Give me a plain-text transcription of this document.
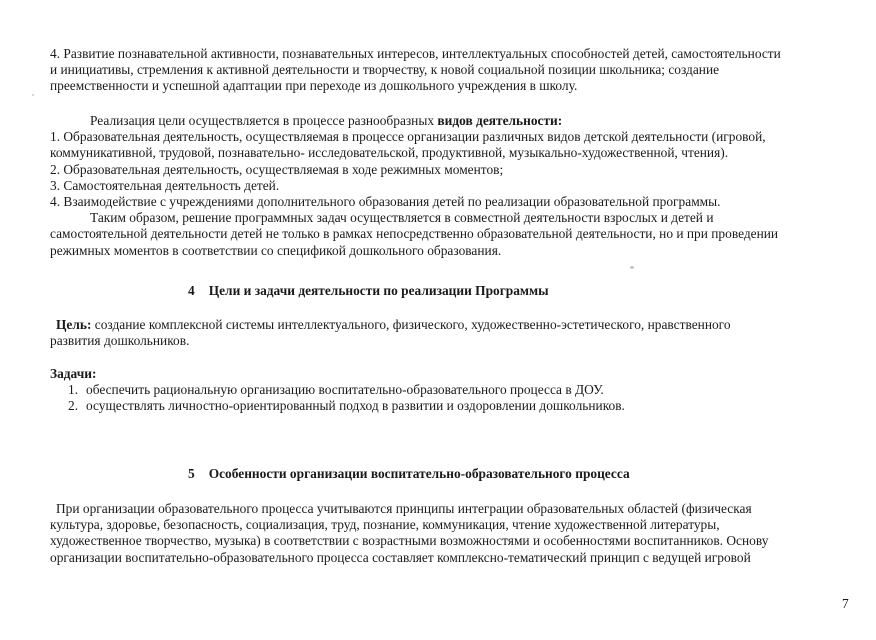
4. Развитие познавательной активности, познавательных интересов, интеллектуальных способностей детей, самостоятельности
и инициативы, стремления к активной деятельности и творчеству, к новой социальной позиции школьника; создание
преемственности и успешной адаптации при переходе из дошкольного учреждения в школу.

Реализация цели осуществляется в процессе разнообразных видов деятельности:
1. Образовательная деятельность, осуществляемая в процессе организации различных видов детской деятельности (игровой,
коммуникативной, трудовой, познавательно- исследовательской, продуктивной, музыкально-художественной, чтения).
2. Образовательная деятельность, осуществляемая в ходе режимных моментов;
3. Самостоятельная деятельность детей.
4. Взаимодействие с учреждениями дополнительного образования детей по реализации образовательной программы.
Таким образом, решение программных задач осуществляется в совместной деятельности взрослых и детей и
самостоятельной деятельности детей не только в рамках непосредственно образовательной деятельности, но и при проведении
режимных моментов в соответствии со спецификой дошкольного образования.

4 Цели и задачи деятельности по реализации Программы

Цель: создание комплексной системы интеллектуального, физического, художественно-эстетического, нравственного
развития дошкольников.

Задачи:

1. обеспечить рациональную организацию воспитательно-образовательного процесса в ДОУ.
2. осуществлять личностно-ориентированный подход в развитии и оздоровлении дошкольников.
5 Особенности организации воспитательно-образовательного процесса

При организации образовательного процесса учитываются принципы интеграции образовательных областей (физическая
культура, здоровье, безопасность, социализация, труд, познание, коммуникация, чтение художественной литературы,
художественное творчество, музыка) в соответствии с возрастными возможностями и особенностями воспитанников. Основу
организации воспитательно-образовательного процесса составляет комплексно-тематический принцип с ведущей игровой

7
